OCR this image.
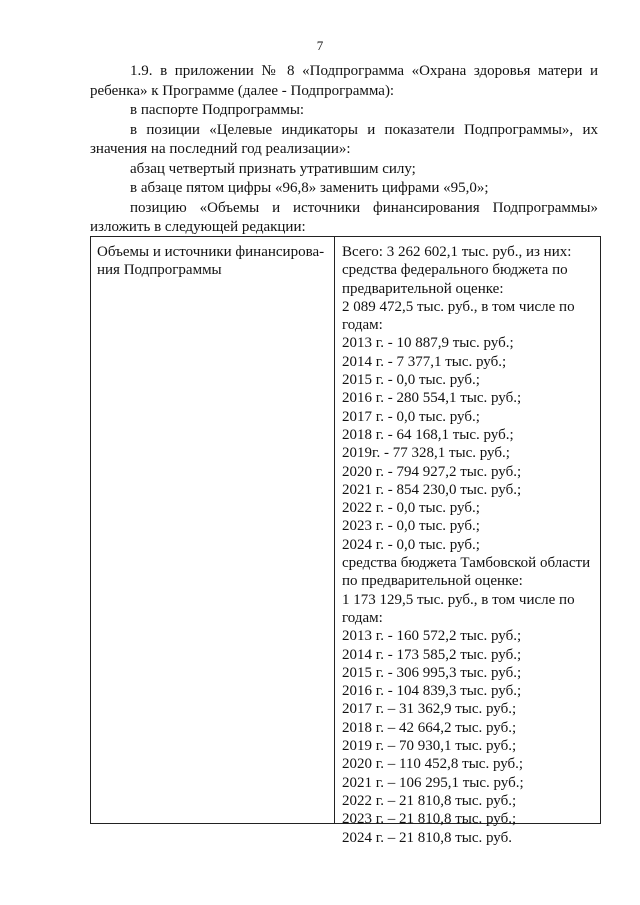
7

1.9. в приложении № 8 «Подпрограмма «Охрана здоровья матери и ребенка» к Программе (далее - Подпрограмма):

в паспорте Подпрограммы:

в позиции «Целевые индикаторы и показатели Подпрограммы», их значения на последний год реализации»:

абзац четвертый признать утратившим силу;

в абзаце пятом цифры «96,8» заменить цифрами «95,0»;

позицию «Объемы и источники финансирования Подпрограммы» изложить в следующей редакции:

Объемы и источники финансирова-ния Подпрограммы
Всего: 3 262 602,1 тыс. руб., из них:
средства федерального бюджета по предварительной оценке:
2 089 472,5 тыс. руб., в том числе по годам:
2013 г. - 10 887,9 тыс. руб.;
2014 г. - 7 377,1 тыс. руб.;
2015 г. - 0,0 тыс. руб.;
2016 г. - 280 554,1 тыс. руб.;
2017 г. - 0,0 тыс. руб.;
2018 г. - 64 168,1 тыс. руб.;
2019г. - 77 328,1 тыс. руб.;
2020 г. - 794 927,2 тыс. руб.;
2021 г. - 854 230,0 тыс. руб.;
2022 г. - 0,0 тыс. руб.;
2023 г. - 0,0 тыс. руб.;
2024 г. - 0,0 тыс. руб.;
средства бюджета Тамбовской области по предварительной оценке:
1 173 129,5 тыс. руб., в том числе по годам:
2013 г. - 160 572,2 тыс. руб.;
2014 г. - 173 585,2 тыс. руб.;
2015 г. - 306 995,3 тыс. руб.;
2016 г. - 104 839,3 тыс. руб.;
2017 г. – 31 362,9 тыс. руб.;
2018 г. – 42 664,2 тыс. руб.;
2019 г. – 70 930,1 тыс. руб.;
2020 г. – 110 452,8 тыс. руб.;
2021 г. – 106 295,1 тыс. руб.;
2022 г. – 21 810,8 тыс. руб.;
2023 г. – 21 810,8 тыс. руб.;
2024 г. – 21 810,8 тыс. руб.
